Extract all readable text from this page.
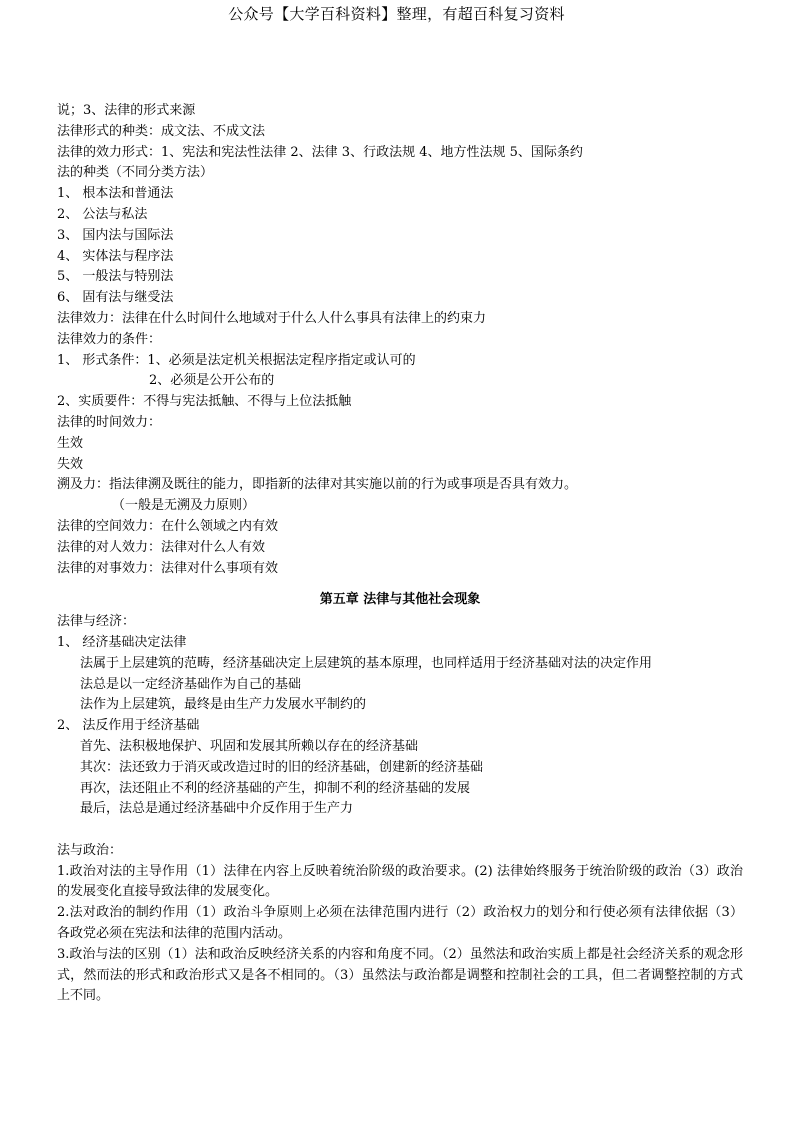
公众号【大学百科资料】整理，有超百科复习资料

说；3、法律的形式来源

法律形式的种类：成文法、不成文法

法律的效力形式：1、宪法和宪法性法律 2、法律 3、行政法规 4、地方性法规 5、国际条约

法的种类（不同分类方法）

1、 根本法和普通法

2、 公法与私法

3、 国内法与国际法

4、 实体法与程序法

5、 一般法与特别法

6、 固有法与继受法

法律效力：法律在什么时间什么地域对于什么人什么事具有法律上的约束力

法律效力的条件：

1、 形式条件：1、必须是法定机关根据法定程序指定或认可的

2、必须是公开公布的

2、实质要件：不得与宪法抵触、不得与上位法抵触

法律的时间效力：

生效

失效

溯及力：指法律溯及既往的能力，即指新的法律对其实施以前的行为或事项是否具有效力。

（一般是无溯及力原则）

法律的空间效力：在什么领域之内有效

法律的对人效力：法律对什么人有效

法律的对事效力：法律对什么事项有效

第五章 法律与其他社会现象

法律与经济：

1、 经济基础决定法律

法属于上层建筑的范畴，经济基础决定上层建筑的基本原理，也同样适用于经济基础对法的决定作用

法总是以一定经济基础作为自己的基础

法作为上层建筑，最终是由生产力发展水平制约的

2、 法反作用于经济基础

首先、法积极地保护、巩固和发展其所赖以存在的经济基础

其次：法还致力于消灭或改造过时的旧的经济基础，创建新的经济基础

再次，法还阻止不利的经济基础的产生，抑制不利的经济基础的发展

最后，法总是通过经济基础中介反作用于生产力

法与政治：

1.政治对法的主导作用（1）法律在内容上反映着统治阶级的政治要求。(2) 法律始终服务于统治阶级的政治（3）政治的发展变化直接导致法律的发展变化。

2.法对政治的制约作用（1）政治斗争原则上必须在法律范围内进行（2）政治权力的划分和行使必须有法律依据（3）各政党必须在宪法和法律的范围内活动。

3.政治与法的区别（1）法和政治反映经济关系的内容和角度不同。（2）虽然法和政治实质上都是社会经济关系的观念形式，然而法的形式和政治形式又是各不相同的。（3）虽然法与政治都是调整和控制社会的工具，但二者调整控制的方式上不同。
